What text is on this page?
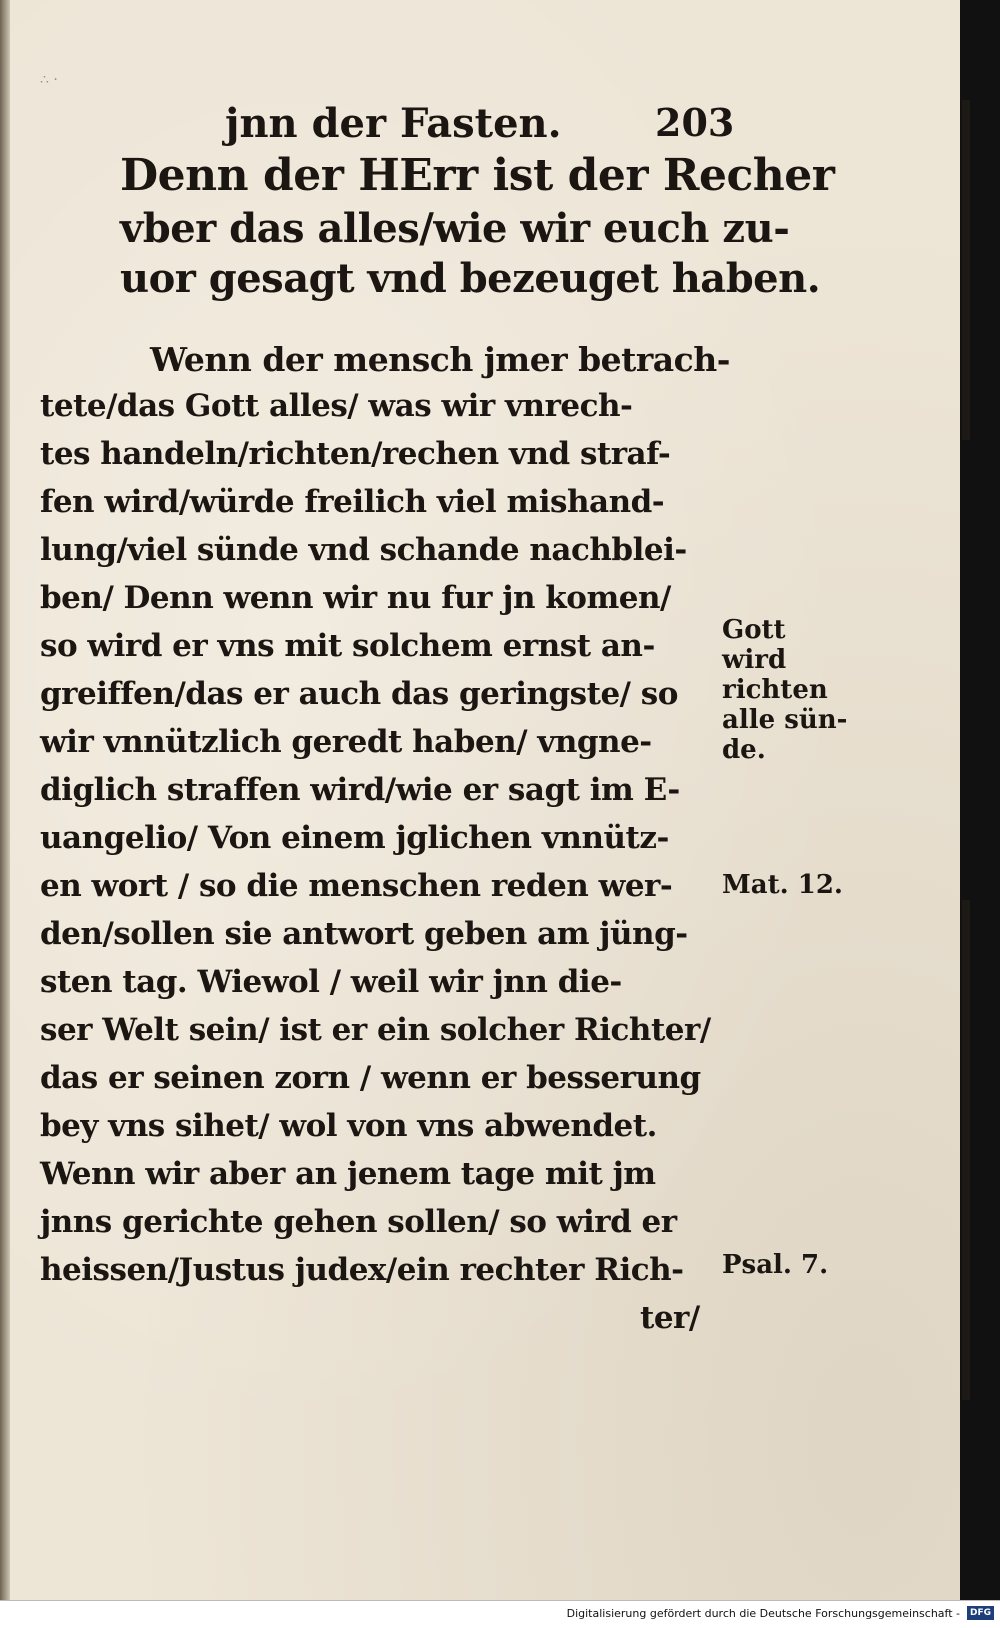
∴ ·
jnn der Fasten. 203
Denn der HErr ist der Recher
vber das alles/wie wir euch zu-
uor gesagt vnd bezeuget haben.
Wenn der mensch jmer betrach-
tete/das Gott alles/ was wir vnrech-
tes handeln/richten/rechen vnd straf-
fen wird/würde freilich viel mishand-
lung/viel sünde vnd schande nachblei-
ben/ Denn wenn wir nu fur jn komen/
so wird er vns mit solchem ernst an-
greiffen/das er auch das geringste/ so
wir vnnützlich geredt haben/ vngne-
diglich straffen wird/wie er sagt im E-
uangelio/ Von einem jglichen vnnütz-
en wort / so die menschen reden wer-
den/sollen sie antwort geben am jüng-
sten tag. Wiewol / weil wir jnn die-
ser Welt sein/ ist er ein solcher Richter/
das er seinen zorn / wenn er besserung
bey vns sihet/ wol von vns abwendet.
Wenn wir aber an jenem tage mit jm
jnns gerichte gehen sollen/ so wird er
heissen/Justus judex/ein rechter Rich-
ter/
Gott
wird
richten
alle sün-
de.
Mat. 12.
Psal. 7.
Digitalisierung gefördert durch die Deutsche Forschungsgemeinschaft -	DFG
